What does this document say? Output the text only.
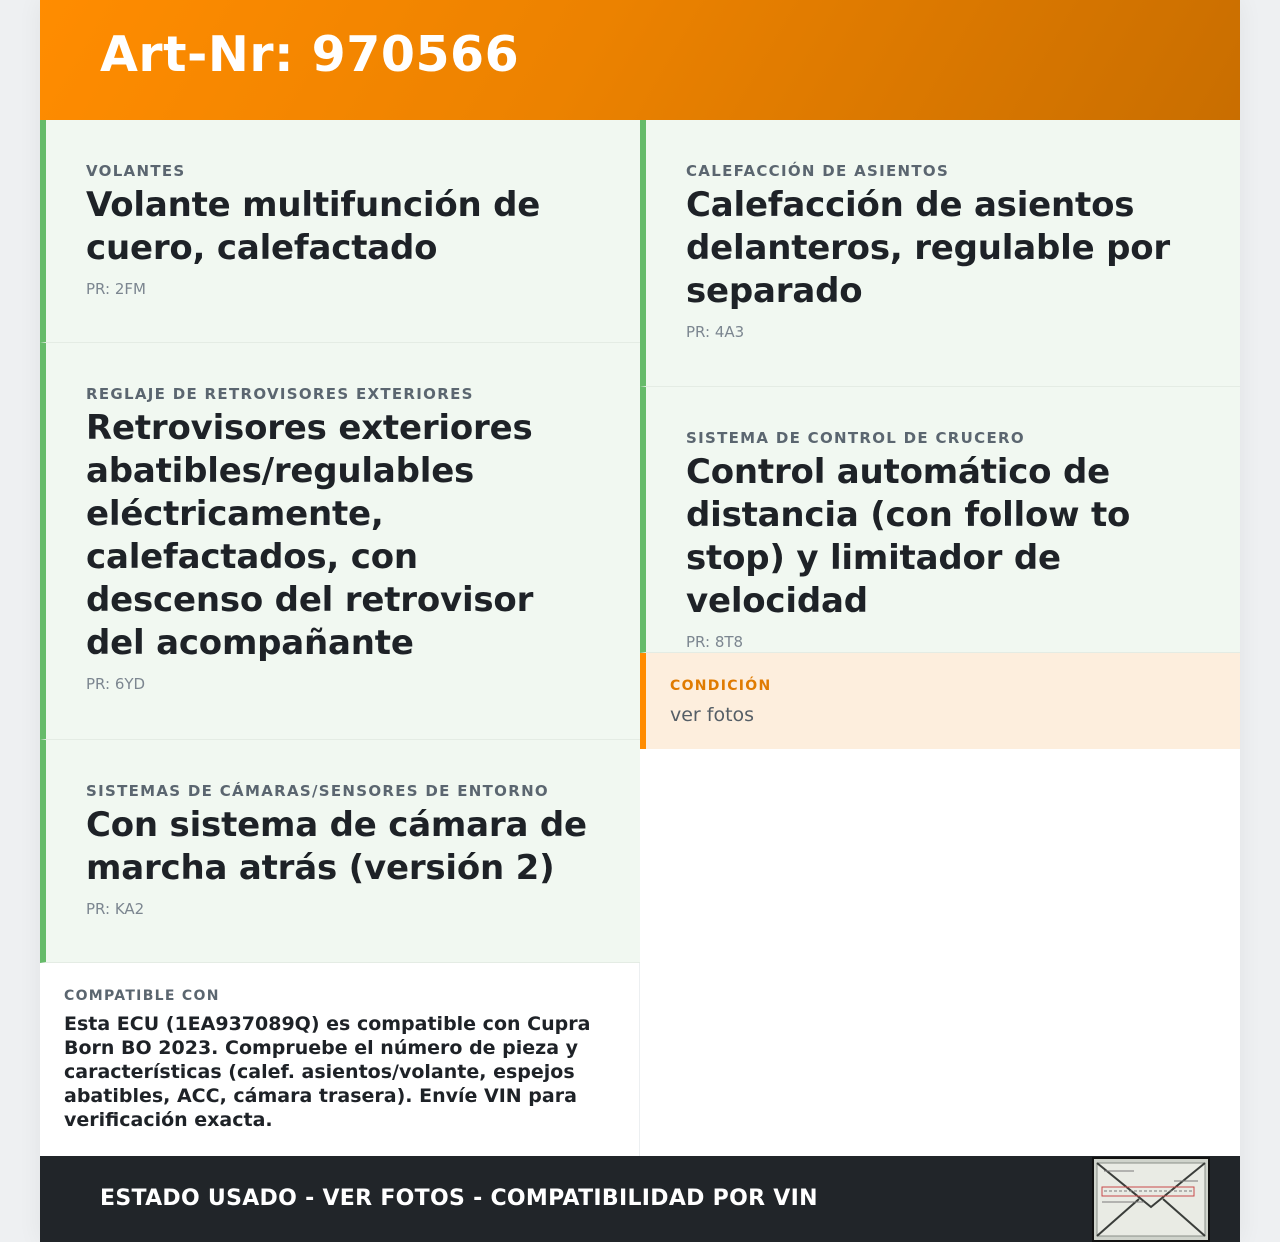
Art-Nr: 970566
VOLANTES
Volante multifunción de cuero, calefactado
PR: 2FM
REGLAJE DE RETROVISORES EXTERIORES
Retrovisores exteriores abatibles/regulables eléctricamente, calefactados, con descenso del retrovisor del acompañante
PR: 6YD
SISTEMAS DE CÁMARAS/SENSORES DE ENTORNO
Con sistema de cámara de marcha atrás (versión 2)
PR: KA2
CALEFACCIÓN DE ASIENTOS
Calefacción de asientos delanteros, regulable por separado
PR: 4A3
SISTEMA DE CONTROL DE CRUCERO
Control automático de distancia (con follow to stop) y limitador de velocidad
PR: 8T8
CONDICIÓN
ver fotos
COMPATIBLE CON
Esta ECU (1EA937089Q) es compatible con Cupra Born BO 2023. Compruebe el número de pieza y características (calef. asientos/volante, espejos abatibles, ACC, cámara trasera). Envíe VIN para verificación exacta.
ESTADO USADO - VER FOTOS - COMPATIBILIDAD POR VIN
